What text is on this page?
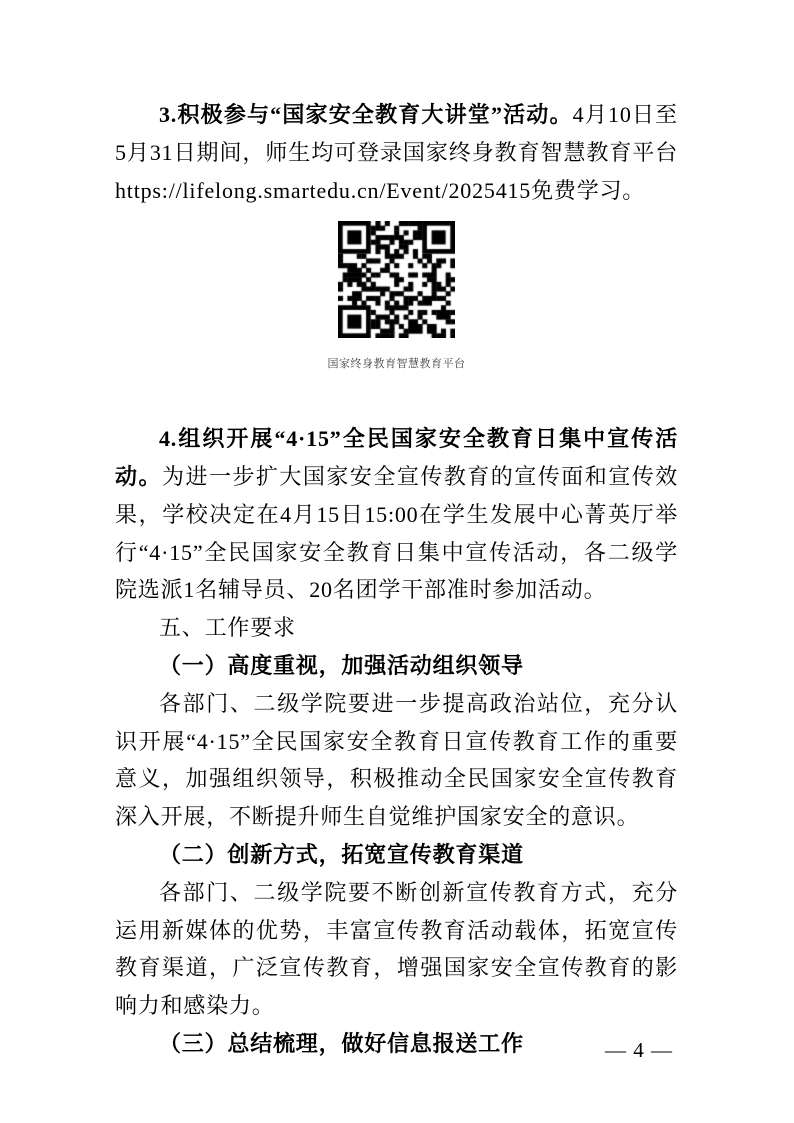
3.积极参与“国家安全教育大讲堂”活动。4月10日至5月31日期间，师生均可登录国家终身教育智慧教育平台https://lifelong.smartedu.cn/Event/2025415免费学习。

国家终身教育智慧教育平台

4.组织开展“4·15”全民国家安全教育日集中宣传活动。为进一步扩大国家安全宣传教育的宣传面和宣传效果，学校决定在4月15日15:00在学生发展中心菁英厅举行“4·15”全民国家安全教育日集中宣传活动，各二级学院选派1名辅导员、20名团学干部准时参加活动。

五、工作要求
（一）高度重视，加强活动组织领导

各部门、二级学院要进一步提高政治站位，充分认识开展“4·15”全民国家安全教育日宣传教育工作的重要意义，加强组织领导，积极推动全民国家安全宣传教育深入开展，不断提升师生自觉维护国家安全的意识。

（二）创新方式，拓宽宣传教育渠道

各部门、二级学院要不断创新宣传教育方式，充分运用新媒体的优势，丰富宣传教育活动载体，拓宽宣传教育渠道，广泛宣传教育，增强国家安全宣传教育的影响力和感染力。

（三）总结梳理，做好信息报送工作	— 4 —
